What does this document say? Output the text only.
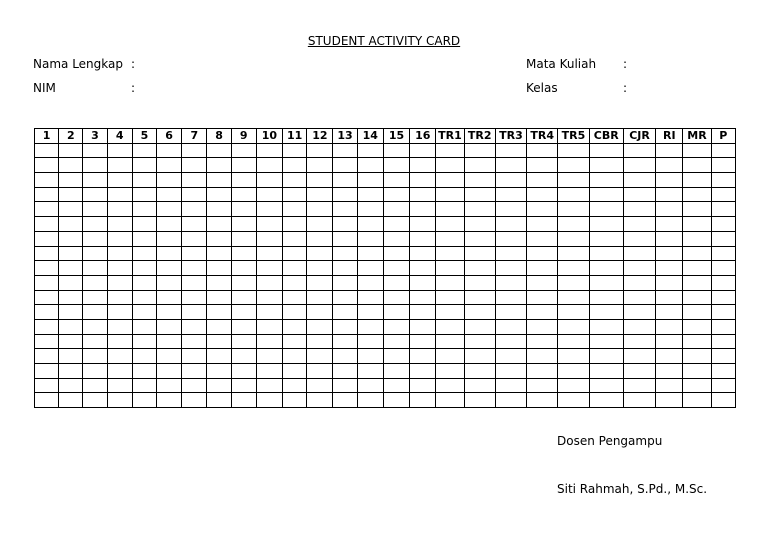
STUDENT ACTIVITY CARD
Nama Lengkap :
NIM	:
Mata Kuliah :
Kelas	:
1	2	3	4	5	6	7	8	9	10	11	12	13	14	15	16	TR1	TR2	TR3	TR4	TR5	CBR	CJR	RI	MR	P

Dosen Pengampu
Siti Rahmah, S.Pd., M.Sc.
